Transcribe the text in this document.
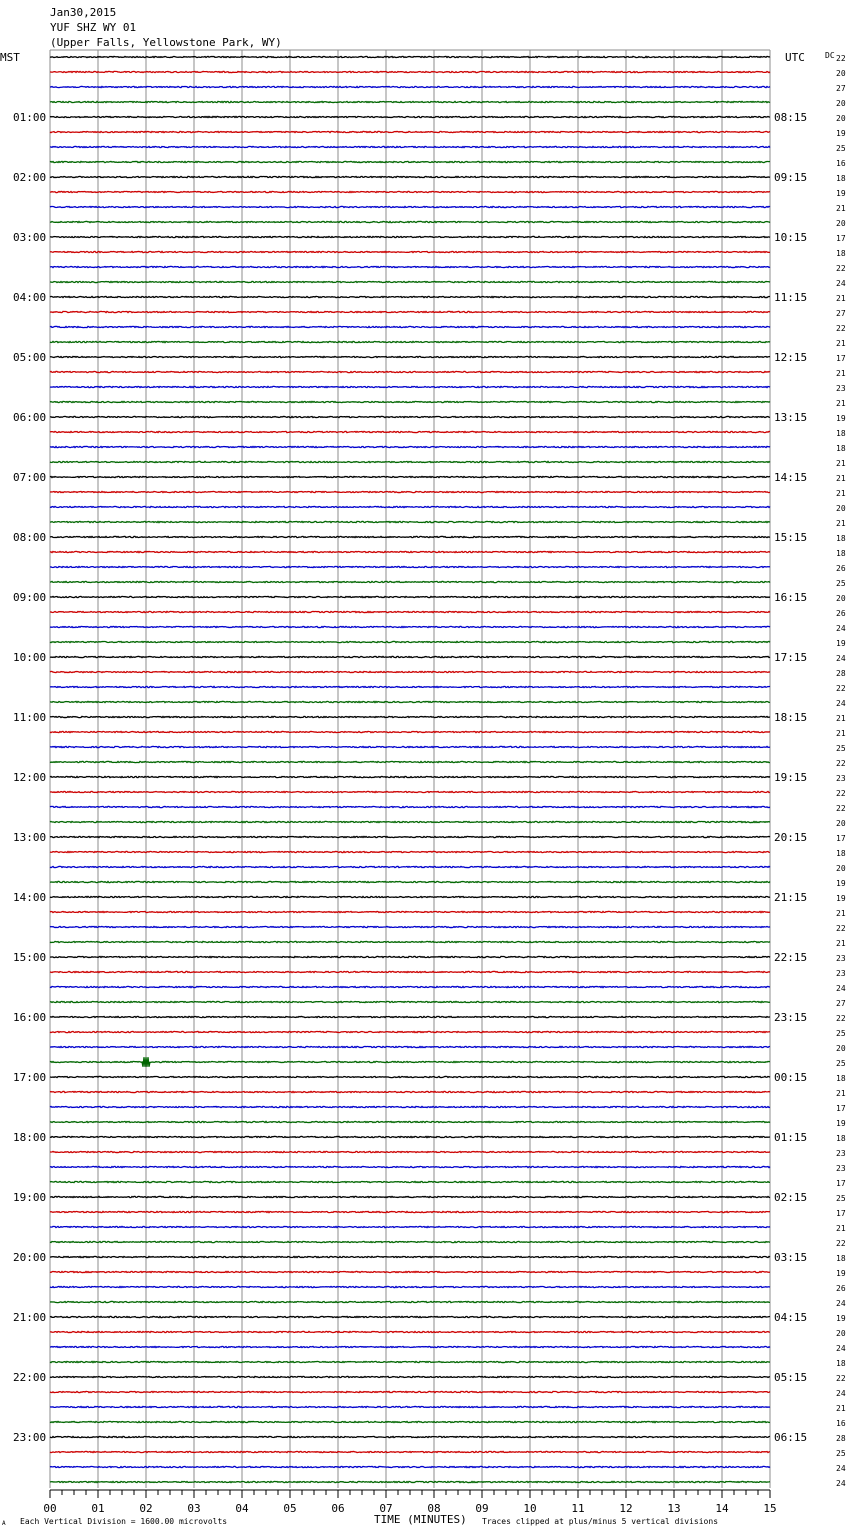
Jan30,2015
YUF SHZ WY 01
(Upper Falls, Yellowstone Park, WY)
MST	UTC	DC
01:00
02:00
03:00
04:00
05:00
06:00
07:00
08:00
09:00
10:00
11:00
12:00
13:00
14:00
15:00
16:00
17:00
18:00
19:00
20:00
21:00
22:00
23:00
08:15
09:15
10:15
11:15
12:15
13:15
14:15
15:15
16:15
17:15
18:15
19:15
20:15
21:15
22:15
23:15
00:15
01:15
02:15
03:15
04:15
05:15
06:15
22
20
27
20
20
19
25
16
18
19
21
20
17
18
22
24
21
27
22
21
17
21
23
21
19
18
18
21
21
21
20
21
18
18
26
25
20
26
24
19
24
28
22
24
21
21
25
22
23
22
22
20
17
18
20
19
19
21
22
21
23
23
24
27
22
25
20
25
18
21
17
19
18
23
23
17
25
17
21
22
18
19
26
24
19
20
24
18
22
24
21
16
28
25
24
24
00	01	02	03	04	05	06	07	08	09	10	11	12	13	14	15
A Each Vertical Division = 1600.00 microvolts	TIME (MINUTES) Traces clipped at plus/minus 5 vertical divisions
